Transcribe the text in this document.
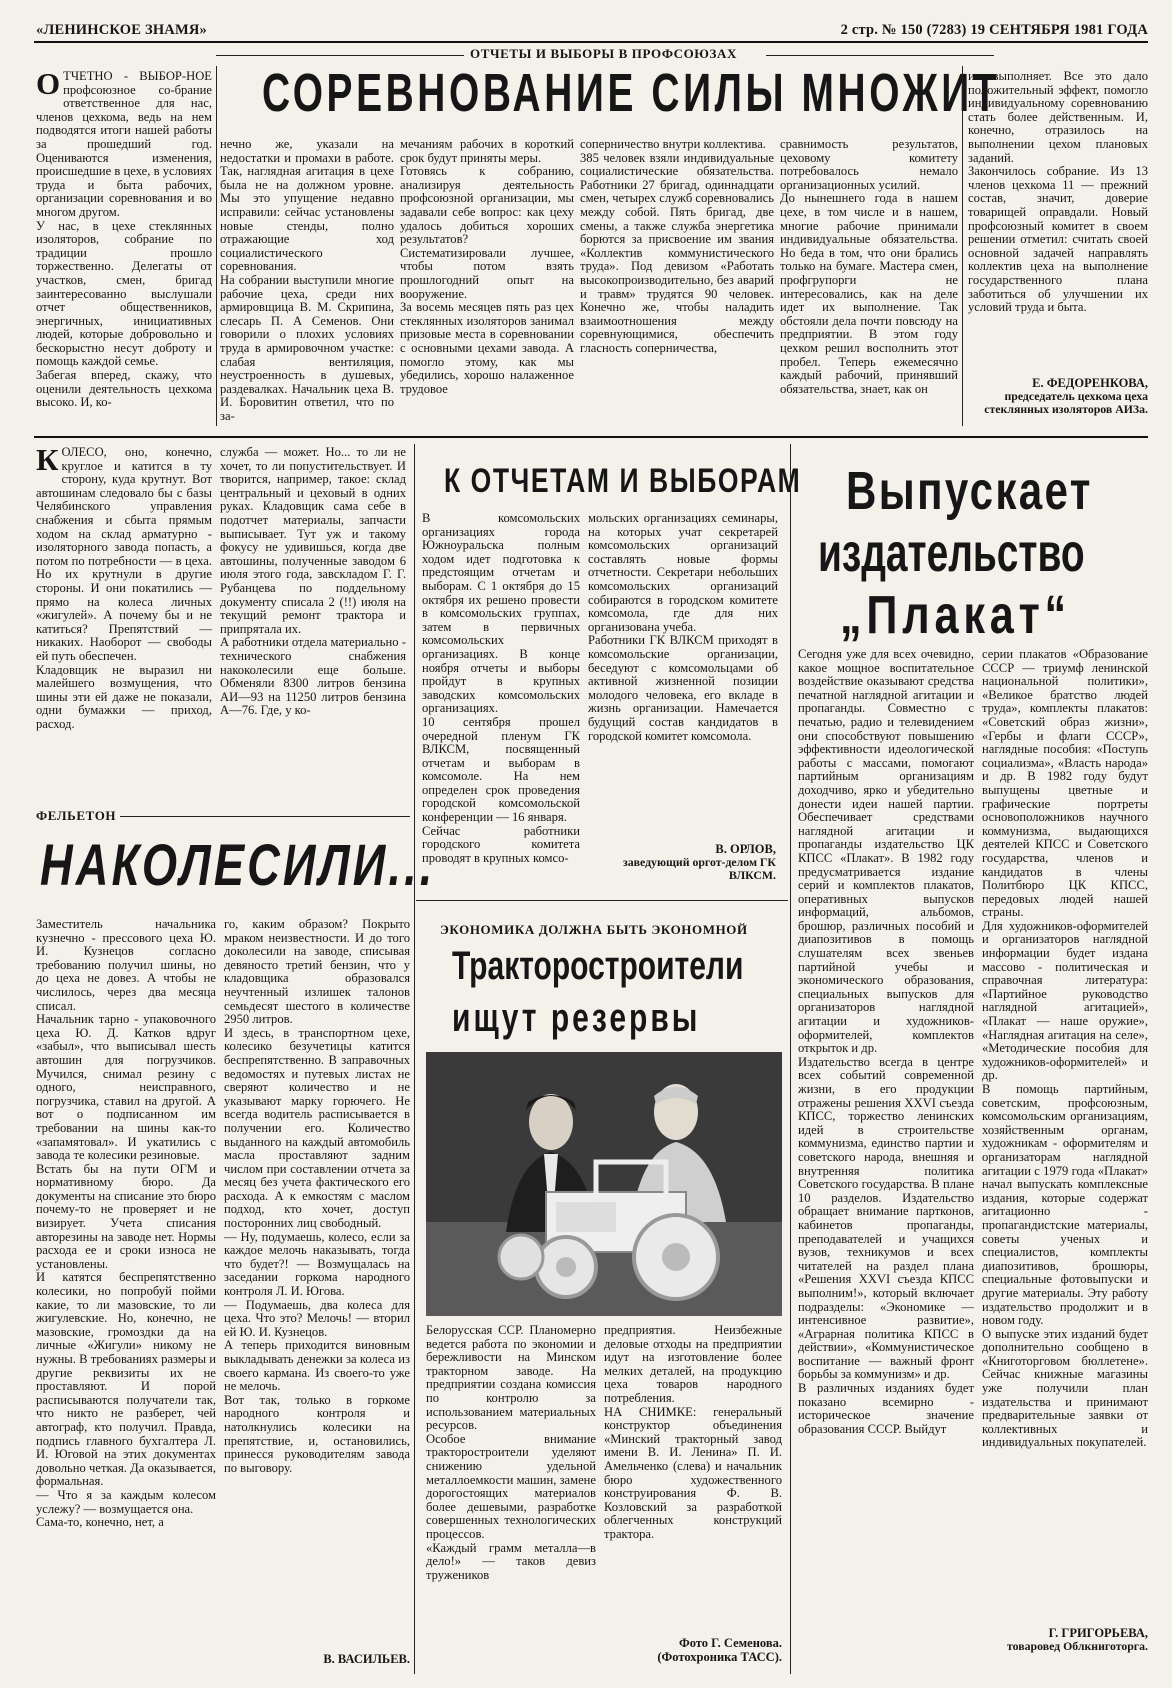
«ЛЕНИНСКОЕ ЗНАМЯ»	2 стр. № 150 (7283) 19 СЕНТЯБРЯ 1981 ГОДА
ОТЧЕТЫ И ВЫБОРЫ В ПРОФСОЮЗАХ
СОРЕВНОВАНИЕ СИЛЫ МНОЖИТ

ОТЧЕТНО - ВЫБОР-НОЕ профсоюзное со-брание ответственное для нас, членов цехкома, ведь на нем подводятся итоги нашей работы за прошедший год. Оцениваются изменения, происшедшие в цехе, в условиях труда и быта рабочих, организации соревнования и во многом другом.
У нас, в цехе стеклянных изоляторов, собрание по традиции прошло торжественно. Делегаты от участков, смен, бригад заинтересованно выслушали отчет общественников, энергичных, инициативных людей, которые добровольно и бескорыстно несут доброту и помощь каждой семье.
Забегая вперед, скажу, что оценили деятельность цехкома высоко. И, ко-

нечно же, указали на недостатки и промахи в работе. Так, наглядная агитация в цехе была не на должном уровне. Мы это упущение недавно исправили: сейчас установлены новые стенды, полно отражающие ход социалистического соревнования.
На собрании выступили многие рабочие цеха, среди них армировщица В. М. Скрипина, слесарь П. А Семенов. Они говорили о плохих условиях труда в армировочном участке: слабая вентиляция, неустроенность в душевых, раздевалках. Начальник цеха В. И. Боровитин ответил, что по за-

мечаниям рабочих в короткий срок будут приняты меры.
Готовясь к собранию, анализируя деятельность профсоюзной организации, мы задавали себе вопрос: как цеху удалось добиться хороших результатов? Систематизировали лучшее, чтобы потом взять прошлогодний опыт на вооружение.
За восемь месяцев пять раз цех стеклянных изоляторов занимал призовые места в соревновании с основными цехами завода. А помогло этому, как мы убедились, хорошо налаженное трудовое

соперничество внутри коллектива.
385 человек взяли индивидуальные социалистические обязательства. Работники 27 бригад, одиннадцати смен, четырех служб соревновались между собой. Пять бригад, две смены, а также служба энергетика борются за присвоение им звания «Коллектив коммунистического труда». Под девизом «Работать высокопроизводительно, без аварий и травм» трудятся 90 человек. Конечно же, чтобы наладить взаимоотношения между соревнующимися, обеспечить гласность соперничества,

сравнимость результатов, цеховому комитету потребовалось немало организационных усилий.
До нынешнего года в нашем цехе, в том числе и в нашем, многие рабочие принимали индивидуальные обязательства. Но беда в том, что они брались только на бумаге. Мастера смен, профгрупорги не интересовались, как на деле идет их выполнение. Так обстояли дела почти повсюду на предприятии. В этом году цехком решил восполнить этот пробел. Теперь ежемесячно каждый рабочий, принявший обязательства, знает, как он

их выполняет. Все это дало положительный эффект, помогло индивидуальному соревнованию стать более действенным. И, конечно, отразилось на выполнении цехом плановых заданий.
Закончилось собрание. Из 13 членов цехкома 11 — прежний состав, значит, доверие товарищей оправдали. Новый профсоюзный комитет в своем решении отметил: считать своей основной задачей направлять коллектив цеха на выполнение государственного плана заботиться об улучшении их условий труда и быта.

Е. ФЕДОРЕНКОВА,
председатель цехкома цеха стеклянных изоляторов АИЗа.

КОЛЕСО, оно, конечно, круглое и катится в ту сторону, куда крутнут. Вот автошинам следовало бы с базы Челябинского управления снабжения и сбыта прямым ходом на склад арматурно - изоляторного завода попасть, а потом по потребности — в цеха. Но их крутнули в другие стороны. И они покатились — прямо на колеса личных «жигулей». А почему бы и не катиться? Препятствий — никаких. Наоборот — свободы ей путь обеспечен.
Кладовщик не выразил ни малейшего возмущения, что шины эти ей даже не показали, одни бумажки — приход, расход.

служба — может. Но... то ли не хочет, то ли попустительствует. И творится, например, такое: склад центральный и цеховый в одних руках. Кладовщик сама себе в подотчет материалы, запчасти выписывает. Тут уж и такому фокусу не удивишься, когда две автошины, полученные заводом 6 июля этого года, завскладом Г. Г. Рубанцева по поддельному документу списала 2 (!!) июля на текущий ремонт трактора и припрятала их.
А работники отдела материально - технического снабжения накоколесили еще больше. Обменяли 8300 литров бензина АИ—93 на 11250 литров бензина А—76. Где, у ко-

ФЕЛЬЕТОН
НАКОЛЕСИЛИ...

Заместитель начальника кузнечно - прессового цеха Ю. И. Кузнецов согласно требованию получил шины, но до цеха не довез. А чтобы не числилось, через два месяца списал.
Начальник тарно - упаковочного цеха Ю. Д. Катков вдруг «забыл», что выписывал шесть автошин для погрузчиков. Мучился, снимал резину с одного, неисправного, погрузчика, ставил на другой. А вот о подписанном им требовании на шины как-то «запамятовал». И укатились с завода те колесики резиновые.
Встать бы на пути ОГМ и нормативному бюро. Да документы на списание это бюро почему-то не проверяет и не визирует. Учета списания авторезины на заводе нет. Нормы расхода ее и сроки износа не установлены.
И катятся беспрепятственно колесики, но попробуй пойми какие, то ли мазовские, то ли жигулевские. Но, конечно, не мазовские, громоздки да на личные «Жигули» никому не нужны. В требованиях размеры и другие реквизиты их не проставляют. И порой расписываются получатели так, что никто не разберет, чей автограф, кто получил. Правда, подпись главного бухгалтера Л. И. Юговой на этих документах довольно четкая. Да оказывается, формальная.
— Что я за каждым колесом услежу? — возмущается она.
Сама-то, конечно, нет, а

го, каким образом? Покрыто мраком неизвестности. И до того доколесили на заводе, списывая девяносто третий бензин, что у кладовщика образовался неучтенный излишек талонов семьдесят шестого в количестве 2950 литров.
И здесь, в транспортном цехе, колесико безучетицы катится беспрепятственно. В заправочных ведомостях и путевых листах не сверяют количество и не указывают марку горючего. Не всегда водитель расписывается в получении его. Количество выданного на каждый автомобиль масла проставляют задним числом при составлении отчета за месяц без учета фактического его расхода. А к емкостям с маслом подход, кто хочет, доступ посторонних лиц свободный.
— Ну, подумаешь, колесо, если за каждое мелочь наказывать, тогда что будет?! — Возмущалась на заседании горкома народного контроля Л. И. Югова.
— Подумаешь, два колеса для цеха. Что это? Мелочь! — вторил ей Ю. И. Кузнецов.
А теперь приходится виновным выкладывать денежки за колеса из своего кармана. Из своего-то уже не мелочь.
Вот так, только в горкоме народного контроля и натолкнулись колесики на препятствие, и, остановились, принесся руководителям завода по выговору.

В. ВАСИЛЬЕВ.
К ОТЧЕТАМ И ВЫБОРАМ

В комсомольских организациях города Южноуральска полным ходом идет подготовка к предстоящим отчетам и выборам. С 1 октября до 15 октября их решено провести в комсомольских группах, затем в первичных комсомольских организациях. В конце ноября отчеты и выборы пройдут в крупных заводских комсомольских организациях.
10 сентября прошел очередной пленум ГК ВЛКСМ, посвященный отчетам и выборам в комсомоле. На нем определен срок проведения городской комсомольской конференции — 16 января.
Сейчас работники городского комитета проводят в крупных комсо-

мольских организациях семинары, на которых учат секретарей комсомольских организаций составлять новые формы отчетности. Секретари небольших комсомольских организаций собираются в городском комитете комсомола, где для них организована учеба.
Работники ГК ВЛКСМ приходят в комсомольские организации, беседуют с комсомольцами об активной жизненной позиции молодого человека, его вкладе в жизнь организации. Намечается будущий состав кандидатов в городской комитет комсомола.

В. ОРЛОВ,
заведующий оргот-делом ГК ВЛКСМ.
ЭКОНОМИКА ДОЛЖНА БЫТЬ ЭКОНОМНОЙ
Тракторостроители
ищут резервы

Белорусская ССР. Планомерно ведется работа по экономии и бережливости на Минском тракторном заводе. На предприятии создана комиссия по контролю за использованием материальных ресурсов.
Особое внимание тракторостроители уделяют снижению удельной металлоемкости машин, замене дорогостоящих материалов более дешевыми, разработке совершенных технологических процессов.
«Каждый грамм металла—в дело!» — таков девиз тружеников

предприятия. Неизбежные деловые отходы на предприятии идут на изготовление более мелких деталей, на продукцию цеха товаров народного потребления.
НА СНИМКЕ: генеральный конструктор объединения «Минский тракторный завод имени В. И. Ленина» П. И. Амельченко (слева) и начальник бюро художественного конструирования Ф. В. Козловский за разработкой облегченных конструкций трактора.

Фото Г. Семенова.
(Фотохроника ТАСС).
Выпускает
издательство
„Плакат“

Сегодня уже для всех очевидно, какое мощное воспитательное воздействие оказывают средства печатной наглядной агитации и пропаганды. Совместно с печатью, радио и телевидением они способствуют повышению эффективности идеологической работы с массами, помогают партийным организациям доходчиво, ярко и убедительно донести идеи нашей партии. Обеспечивает средствами наглядной агитации и пропаганды издательство ЦК КПСС «Плакат». В 1982 году предусматривается издание серий и комплектов плакатов, оперативных выпусков информаций, альбомов, брошюр, различных пособий и диапозитивов в помощь слушателям всех звеньев партийной учебы и экономического образования, специальных выпусков для организаторов наглядной агитации и художников-оформителей, комплектов открыток и др.
Издательство всегда в центре всех событий современной жизни, в его продукции отражены решения XXVI съезда КПСС, торжество ленинских идей в строительстве коммунизма, единство партии и советского народа, внешняя и внутренняя политика Советского государства. В плане 10 разделов. Издательство обращает внимание партконов, кабинетов пропаганды, преподавателей и учащихся вузов, техникумов и всех читателей на раздел плана «Решения XXVI съезда КПСС выполним!», который включает подразделы: «Экономике — интенсивное развитие», «Аграрная политика КПСС в действии», «Коммунистическое воспитание — важный фронт борьбы за коммунизм» и др.
В различных изданиях будет показано всемирно - историческое значение образования СССР. Выйдут

серии плакатов «Образование СССР — триумф ленинской национальной политики», «Великое братство людей труда», комплекты плакатов: «Советский образ жизни», «Гербы и флаги СССР», наглядные пособия: «Поступь социализма», «Власть народа» и др. В 1982 году будут выпущены цветные и графические портреты основоположников научного коммунизма, выдающихся деятелей КПСС и Советского государства, членов и кандидатов в члены Политбюро ЦК КПСС, передовых людей нашей страны.
Для художников-оформителей и организаторов наглядной информации будет издана массово - политическая и справочная литература: «Партийное руководство наглядной агитацией», «Плакат — наше оружие», «Наглядная агитация на селе», «Методические пособия для художников-оформителей» и др.
В помощь партийным, советским, профсоюзным, комсомольским организациям, хозяйственным органам, художникам - оформителям и организаторам наглядной агитации с 1979 года «Плакат» начал выпускать комплексные издания, которые содержат агитационно - пропагандистские материалы, советы ученых и специалистов, комплекты диапозитивов, брошюры, специальные фотовыпуски и другие материалы. Эту работу издательство продолжит и в новом году.
О выпуске этих изданий будет дополнительно сообщено в «Книготорговом бюллетене». Сейчас книжные магазины уже получили план издательства и принимают предварительные заявки от коллективных и индивидуальных покупателей.

Г. ГРИГОРЬЕВА,
товаровед Облкниготорга.
